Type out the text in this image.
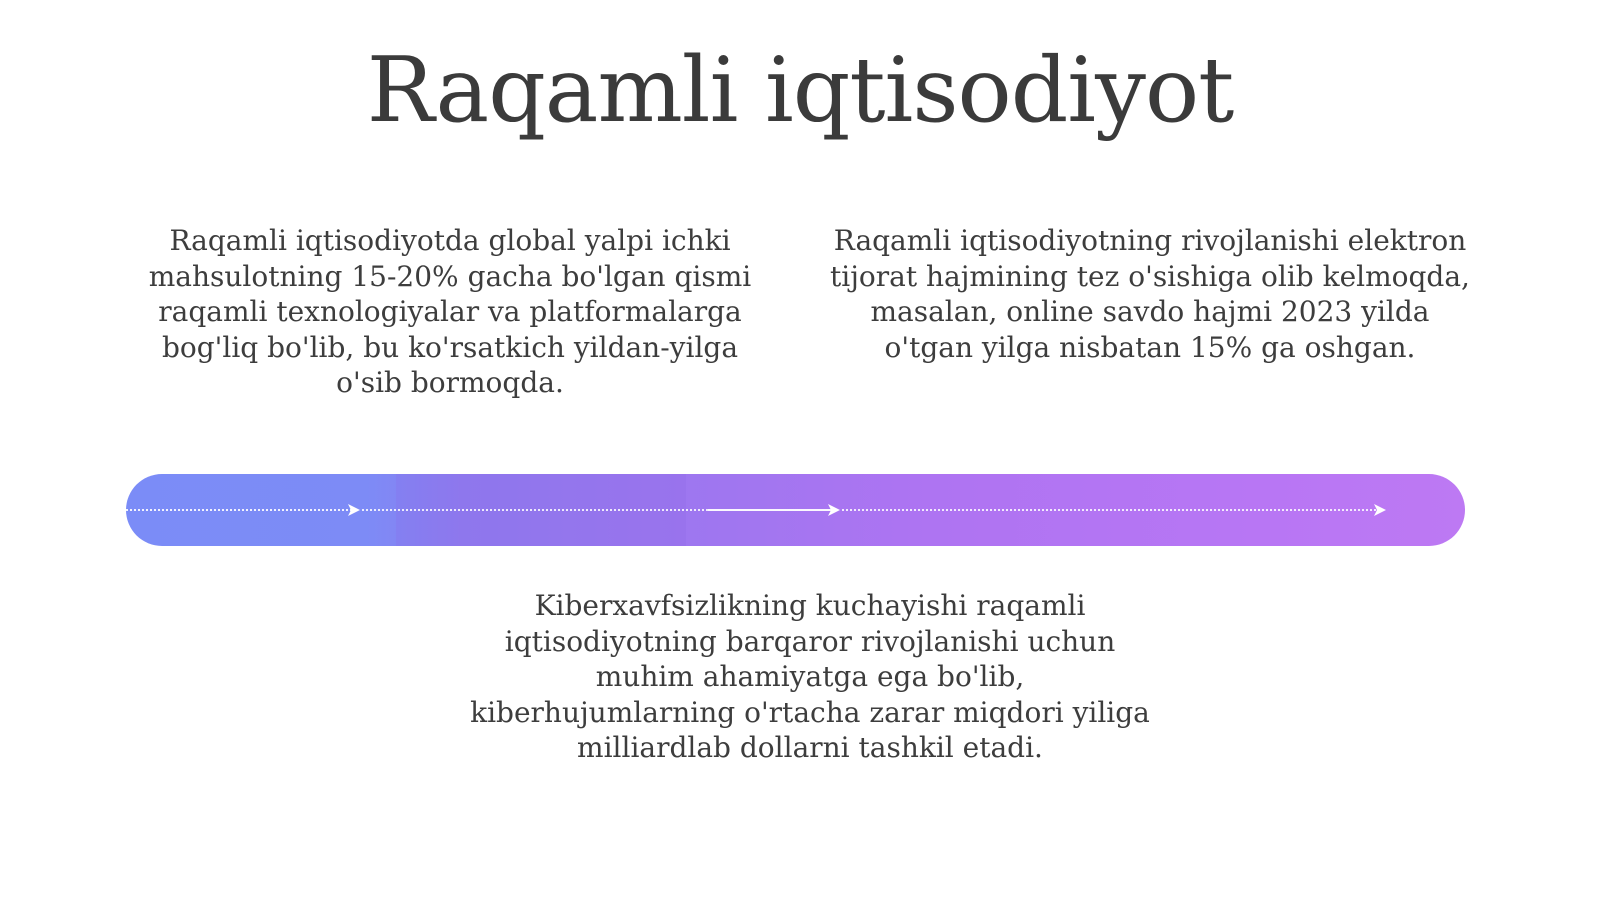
Raqamli iqtisodiyot

Raqamli iqtisodiyotda global yalpi ichki mahsulotning 15-20% gacha bo'lgan qismi raqamli texnologiyalar va platformalarga bog'liq bo'lib, bu ko'rsatkich yildan-yilga o'sib bormoqda.

Raqamli iqtisodiyotning rivojlanishi elektron tijorat hajmining tez o'sishiga olib kelmoqda, masalan, online savdo hajmi 2023 yilda o'tgan yilga nisbatan 15% ga oshgan.

Kiberxavfsizlikning kuchayishi raqamli iqtisodiyotning barqaror rivojlanishi uchun muhim ahamiyatga ega bo'lib, kiberhujumlarning o'rtacha zarar miqdori yiliga milliardlab dollarni tashkil etadi.
